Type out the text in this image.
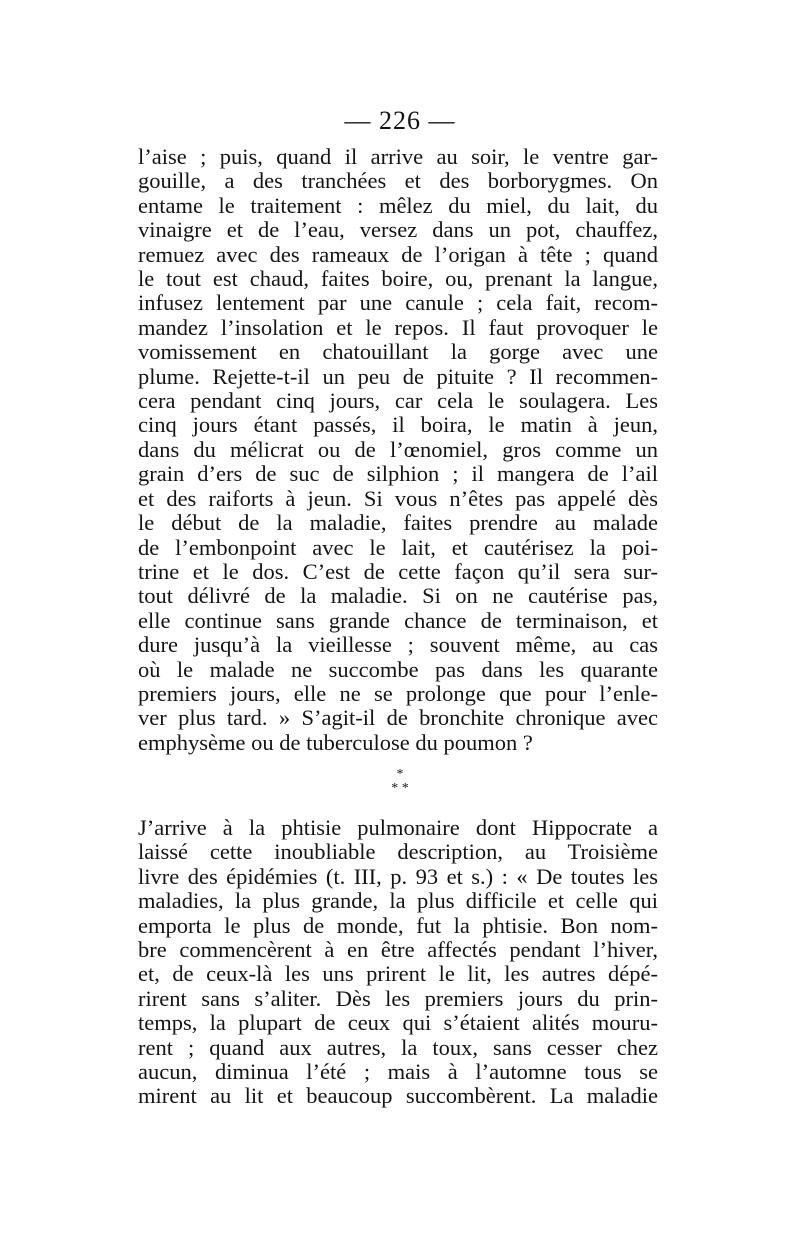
— 226 —
l’aise ; puis, quand il arrive au soir, le ventre gar-
gouille, a des tranchées et des borborygmes. On
entame le traitement : mêlez du miel, du lait, du
vinaigre et de l’eau, versez dans un pot, chauffez,
remuez avec des rameaux de l’origan à tête ; quand
le tout est chaud, faites boire, ou, prenant la langue,
infusez lentement par une canule ; cela fait, recom-
mandez l’insolation et le repos. Il faut provoquer le
vomissement en chatouillant la gorge avec une
plume. Rejette-t-il un peu de pituite ? Il recommen-
cera pendant cinq jours, car cela le soulagera. Les
cinq jours étant passés, il boira, le matin à jeun,
dans du mélicrat ou de l’œnomiel, gros comme un
grain d’ers de suc de silphion ; il mangera de l’ail
et des raiforts à jeun. Si vous n’êtes pas appelé dès
le début de la maladie, faites prendre au malade
de l’embonpoint avec le lait, et cautérisez la poi-
trine et le dos. C’est de cette façon qu’il sera sur-
tout délivré de la maladie. Si on ne cautérise pas,
elle continue sans grande chance de terminaison, et
dure jusqu’à la vieillesse ; souvent même, au cas
où le malade ne succombe pas dans les quarante
premiers jours, elle ne se prolonge que pour l’enle-
ver plus tard. » S’agit-il de bronchite chronique avec
emphysème ou de tuberculose du poumon ?
*
* *
J’arrive à la phtisie pulmonaire dont Hippocrate a
laissé cette inoubliable description, au Troisième
livre des épidémies (t. III, p. 93 et s.) : « De toutes les
maladies, la plus grande, la plus difficile et celle qui
emporta le plus de monde, fut la phtisie. Bon nom-
bre commencèrent à en être affectés pendant l’hiver,
et, de ceux-là les uns prirent le lit, les autres dépé-
rirent sans s’aliter. Dès les premiers jours du prin-
temps, la plupart de ceux qui s’étaient alités mouru-
rent ; quand aux autres, la toux, sans cesser chez
aucun, diminua l’été ; mais à l’automne tous se
mirent au lit et beaucoup succombèrent. La maladie
